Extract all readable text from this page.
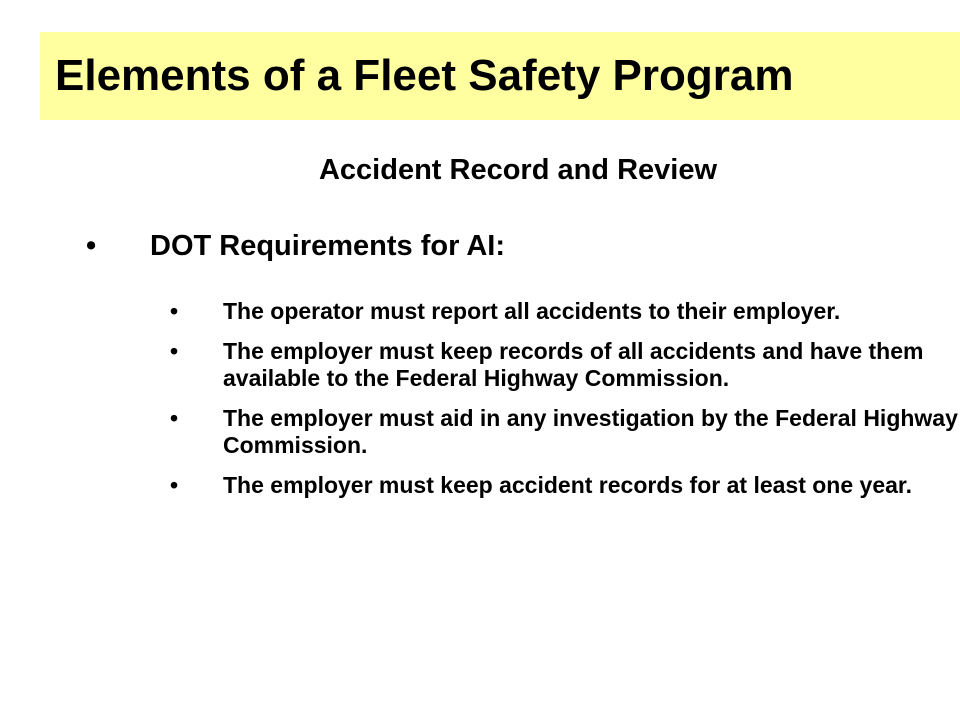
Elements of a Fleet Safety Program
Accident Record and Review
• DOT Requirements for AI:
• The operator must report all accidents to their employer.
• The employer must keep records of all accidents and have them available to the Federal Highway Commission.
• The employer must aid in any investigation by the Federal Highway Commission.
• The employer must keep accident records for at least one year.
